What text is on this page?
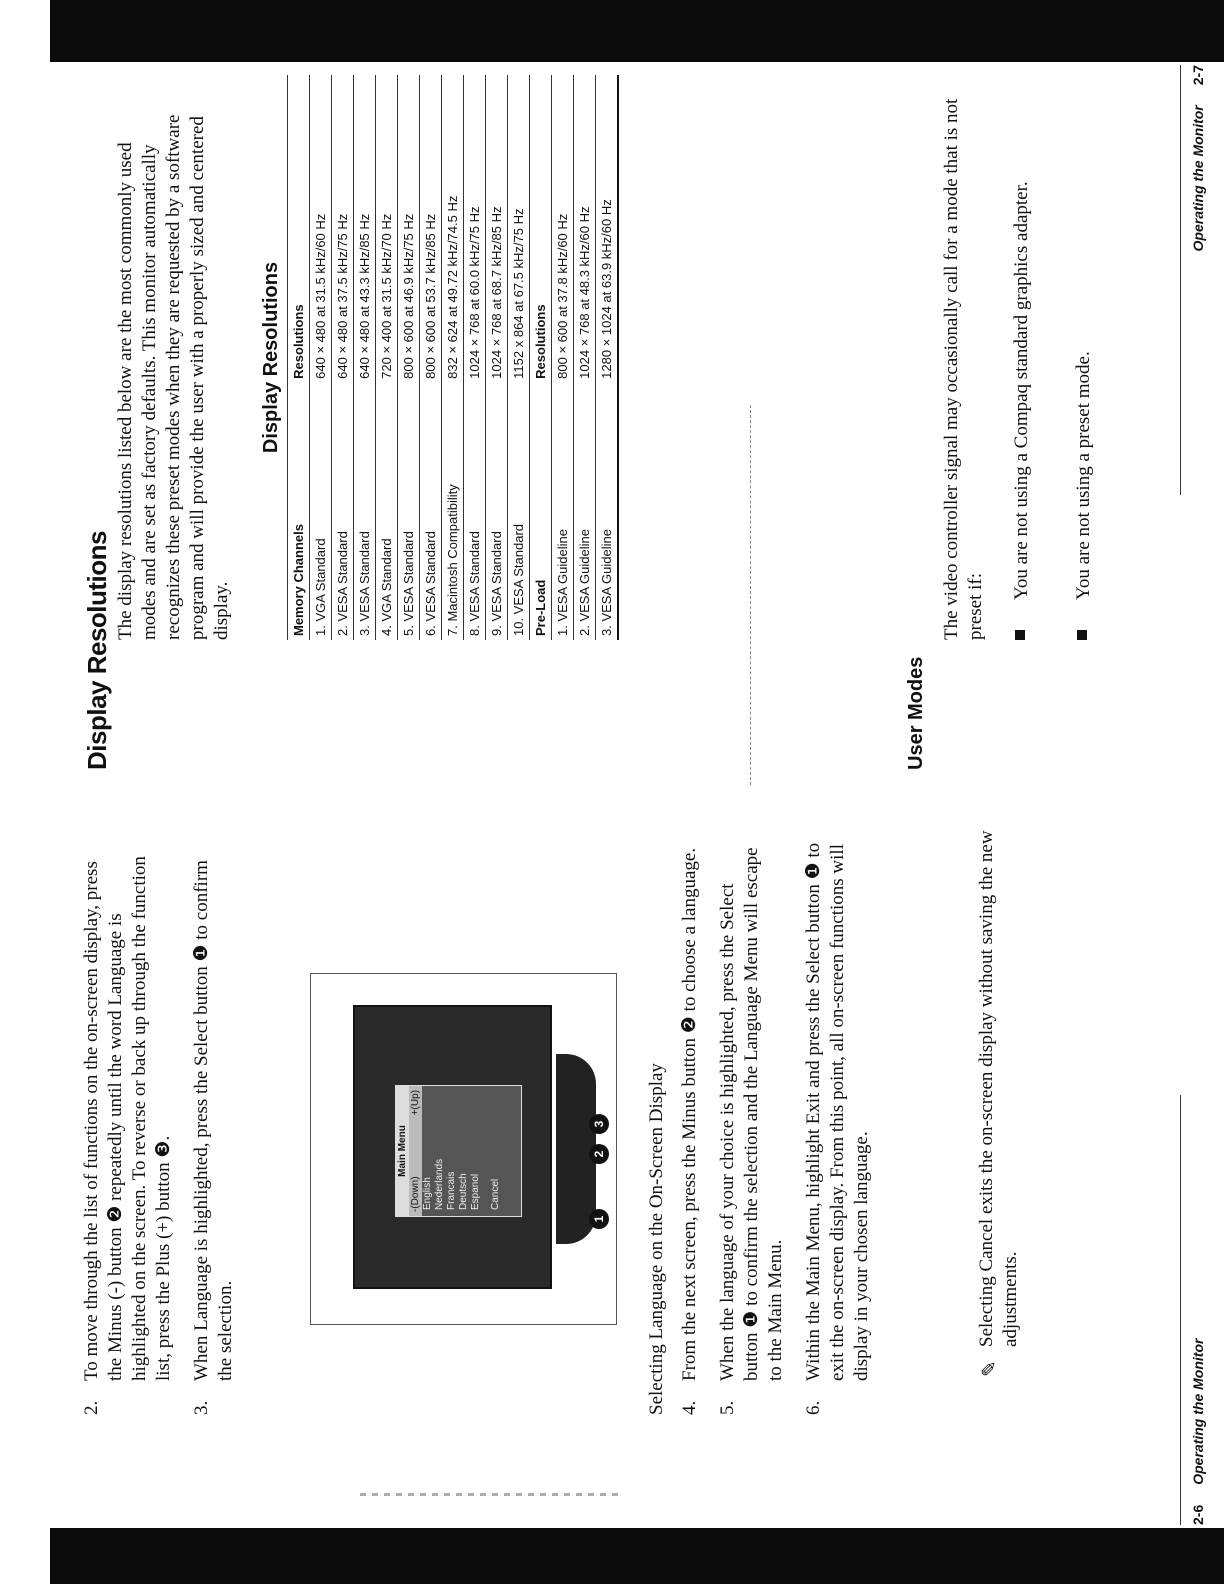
2.
To move through the list of functions on the on-screen display, press the Minus (-) button ❷ repeatedly until the word Language is highlighted on the screen. To reverse or back up through the function list, press the Plus (+) button ❸.
3.
When Language is highlighted, press the Select button ❶ to confirm the selection.
Main Menu
-(Down)
+(Up)
English Nederlands Francais Deutsch Espanol Cancel
1
2
3 Selecting Language on the On-Screen Display 4.
From the next screen, press the Minus button ❷ to choose a language.
5.
When the language of your choice is highlighted, press the Select button ❶ to confirm the selection and the Language Menu will escape to the Main Menu.
6.
Within the Main Menu, highlight Exit and press the Select button ❶ to exit the on-screen display. From this point, all on-screen functions will display in your chosen language.	✎
Selecting Cancel exits the on-screen display without saving the new adjustments.

2-6Operating the Monitor
Display Resolutions

The display resolutions listed below are the most commonly used modes and are set as factory defaults. This monitor automatically recognizes these preset modes when they are requested by a software program and will provide the user with a properly sized and centered display.

Display Resolutions
Memory Channels	Resolutions
1. VGA Standard	640 × 480 at 31.5 kHz/60 Hz
2. VESA Standard	640 × 480 at 37.5 kHz/75 Hz
3. VESA Standard	640 × 480 at 43.3 kHz/85 Hz
4. VGA Standard	720 × 400 at 31.5 kHz/70 Hz
5. VESA Standard	800 × 600 at 46.9 kHz/75 Hz
6. VESA Standard	800 × 600 at 53.7 kHz/85 Hz
7. Macintosh Compatibility	832 × 624 at 49.72 kHz/74.5 Hz
8. VESA Standard	1024 × 768 at 60.0 kHz/75 Hz
9. VESA Standard	1024 × 768 at 68.7 kHz/85 Hz
10. VESA Standard	1152 x 864 at 67.5 kHz/75 Hz
Pre-Load	Resolutions
1. VESA Guideline	800 × 600 at 37.8 kHz/60 Hz
2. VESA Guideline	1024 × 768 at 48.3 kHz/60 Hz
3. VESA Guideline	1280 × 1024 at 63.9 kHz/60 Hz
User Modes

The video controller signal may occasionally call for a mode that is not preset if:

You are not using a Compaq standard graphics adapter. You are not using a preset mode.

Operating the Monitor2-7
